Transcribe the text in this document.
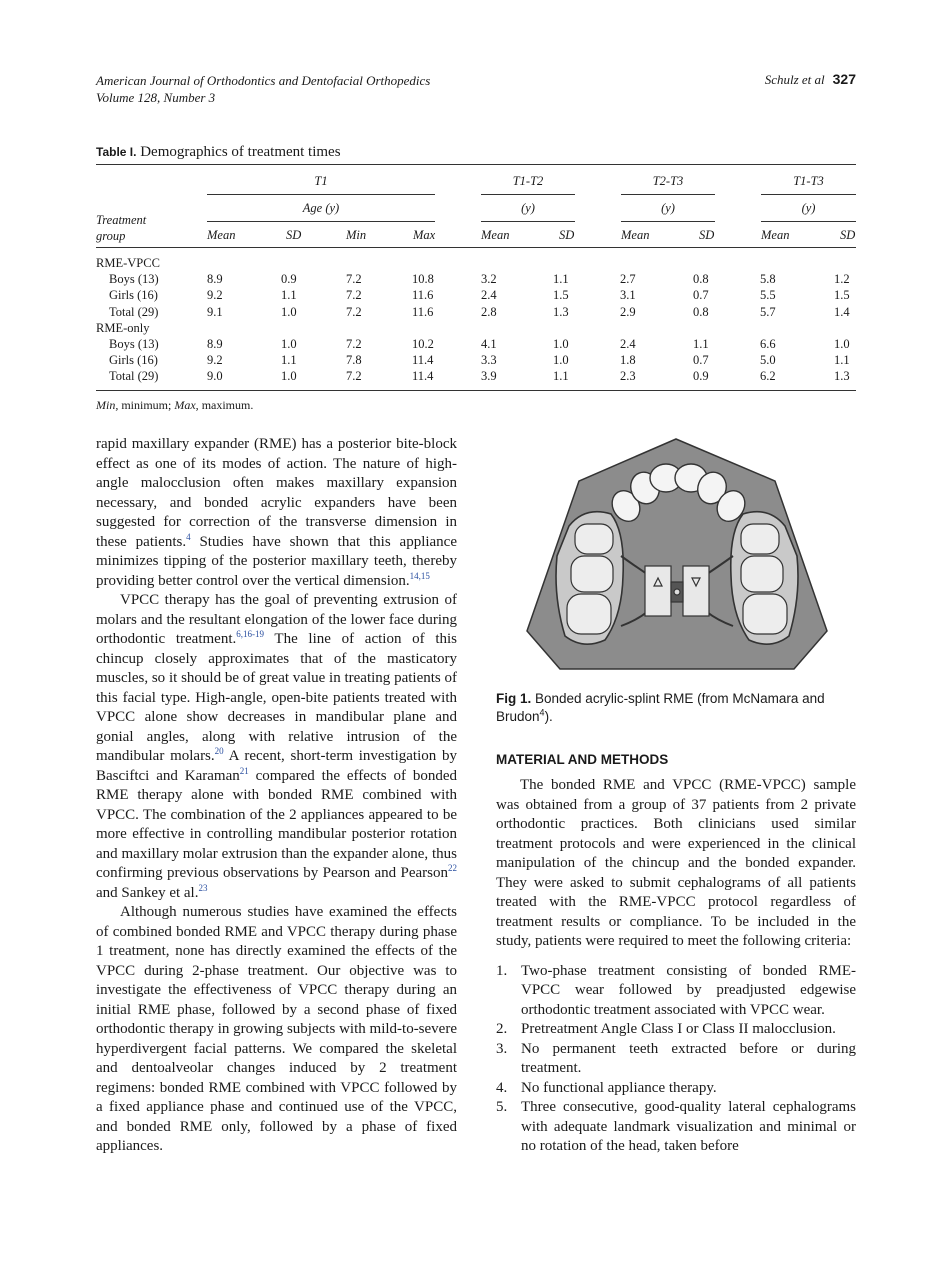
American Journal of Orthodontics and Dentofacial Orthopedics
Volume 128, Number 3
Schulz et al 327
Table I. Demographics of treatment times
Treatment
group
T1	T1-T2	T2-T3	T1-T3
Age (y)	(y)	(y)	(y)
Mean	SD	Min	Max	Mean	SD	Mean	SD	Mean	SD
RME-VPCC
Boys (13)	8.9	0.9	7.2	10.8	3.2	1.1	2.7	0.8	5.8	1.2
Girls (16)	9.2	1.1	7.2	11.6	2.4	1.5	3.1	0.7	5.5	1.5
Total (29)	9.1	1.0	7.2	11.6	2.8	1.3	2.9	0.8	5.7	1.4
RME-only
Boys (13)	8.9	1.0	7.2	10.2	4.1	1.0	2.4	1.1	6.6	1.0
Girls (16)	9.2	1.1	7.8	11.4	3.3	1.0	1.8	0.7	5.0	1.1
Total (29)	9.0	1.0	7.2	11.4	3.9	1.1	2.3	0.9	6.2	1.3
Min, minimum; Max, maximum.

rapid maxillary expander (RME) has a posterior bite-block effect as one of its modes of action. The nature of high-angle malocclusion often makes maxillary expansion necessary, and bonded acrylic expanders have been suggested for correction of the transverse dimension in these patients.$^4$ Studies have shown that this appliance minimizes tipping of the posterior maxillary teeth, thereby providing better control over the vertical dimension.$^{14,15}$

VPCC therapy has the goal of preventing extrusion of molars and the resultant elongation of the lower face during orthodontic treatment.$^{6,16-19}$ The line of action of this chincup closely approximates that of the masticatory muscles, so it should be of great value in treating patients of this facial type. High-angle, open-bite patients treated with VPCC alone show decreases in mandibular plane and gonial angles, along with relative intrusion of the mandibular molars.$^{20}$ A recent, short-term investigation by Basciftci and Karaman$^{21}$ compared the effects of bonded RME therapy alone with bonded RME combined with VPCC. The combination of the 2 appliances appeared to be more effective in controlling mandibular posterior rotation and maxillary molar extrusion than the expander alone, thus confirming previous observations by Pearson and Pearson$^{22}$ and Sankey et al.$^{23}$

Although numerous studies have examined the effects of combined bonded RME and VPCC therapy during phase 1 treatment, none has directly examined the effects of the VPCC during 2-phase treatment. Our objective was to investigate the effectiveness of VPCC therapy during an initial RME phase, followed by a second phase of fixed orthodontic therapy in growing subjects with mild-to-severe hyperdivergent facial patterns. We compared the skeletal and dentoalveolar changes induced by 2 treatment regimens: bonded RME combined with VPCC followed by a fixed appliance phase and continued use of the VPCC, and bonded RME only, followed by a phase of fixed appliances.

Fig 1. Bonded acrylic-splint RME (from McNamara and Brudon$^4$).
MATERIAL AND METHODS

The bonded RME and VPCC (RME-VPCC) sample was obtained from a group of 37 patients from 2 private orthodontic practices. Both clinicians used similar treatment protocols and were experienced in the clinical manipulation of the chincup and the bonded expander. They were asked to submit cephalograms of all patients treated with the RME-VPCC protocol regardless of treatment results or compliance. To be included in the study, patients were required to meet the following criteria:

1. Two-phase treatment consisting of bonded RME-VPCC wear followed by preadjusted edgewise orthodontic treatment associated with VPCC wear.
2. Pretreatment Angle Class I or Class II malocclusion.
3. No permanent teeth extracted before or during treatment.
4. No functional appliance therapy.
5. Three consecutive, good-quality lateral cephalograms with adequate landmark visualization and minimal or no rotation of the head, taken before
